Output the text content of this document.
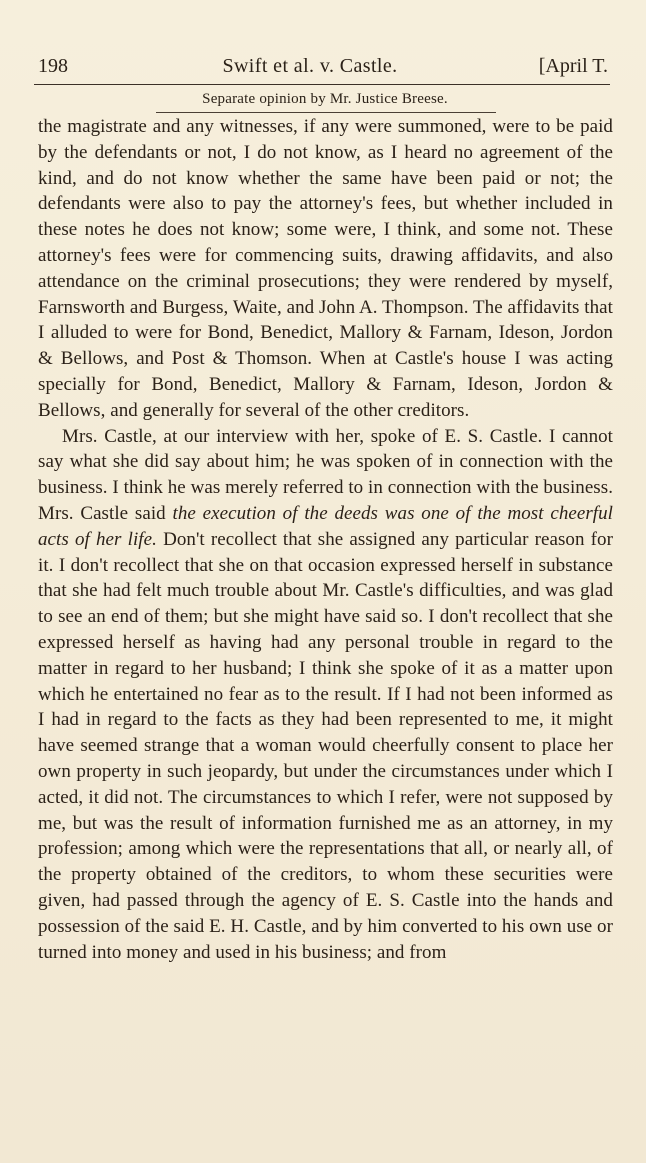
198	Swift et al. v. Castle.	[April T.
Separate opinion by Mr. Justice Breese.

the magistrate and any witnesses, if any were summoned, were to be paid by the defendants or not, I do not know, as I heard no agreement of the kind, and do not know whether the same have been paid or not; the defendants were also to pay the attorney's fees, but whether included in these notes he does not know; some were, I think, and some not. These attorney's fees were for commencing suits, drawing affidavits, and also attendance on the criminal prosecutions; they were rendered by myself, Farnsworth and Burgess, Waite, and John A. Thompson. The affidavits that I alluded to were for Bond, Benedict, Mallory & Farnam, Ideson, Jordon & Bellows, and Post & Thomson. When at Castle's house I was acting specially for Bond, Benedict, Mallory & Farnam, Ideson, Jordon & Bellows, and generally for several of the other creditors.

Mrs. Castle, at our interview with her, spoke of E. S. Castle. I cannot say what she did say about him; he was spoken of in connection with the business. I think he was merely referred to in connection with the business. Mrs. Castle said the execution of the deeds was one of the most cheerful acts of her life. Don't recollect that she assigned any particular reason for it. I don't recollect that she on that occasion expressed herself in substance that she had felt much trouble about Mr. Castle's difficulties, and was glad to see an end of them; but she might have said so. I don't recollect that she expressed herself as having had any personal trouble in regard to the matter in regard to her husband; I think she spoke of it as a matter upon which he entertained no fear as to the result. If I had not been informed as I had in regard to the facts as they had been represented to me, it might have seemed strange that a woman would cheerfully consent to place her own property in such jeopardy, but under the circumstances under which I acted, it did not. The circumstances to which I refer, were not supposed by me, but was the result of information furnished me as an attorney, in my profession; among which were the representations that all, or nearly all, of the property obtained of the creditors, to whom these securities were given, had passed through the agency of E. S. Castle into the hands and possession of the said E. H. Castle, and by him converted to his own use or turned into money and used in his business; and from
